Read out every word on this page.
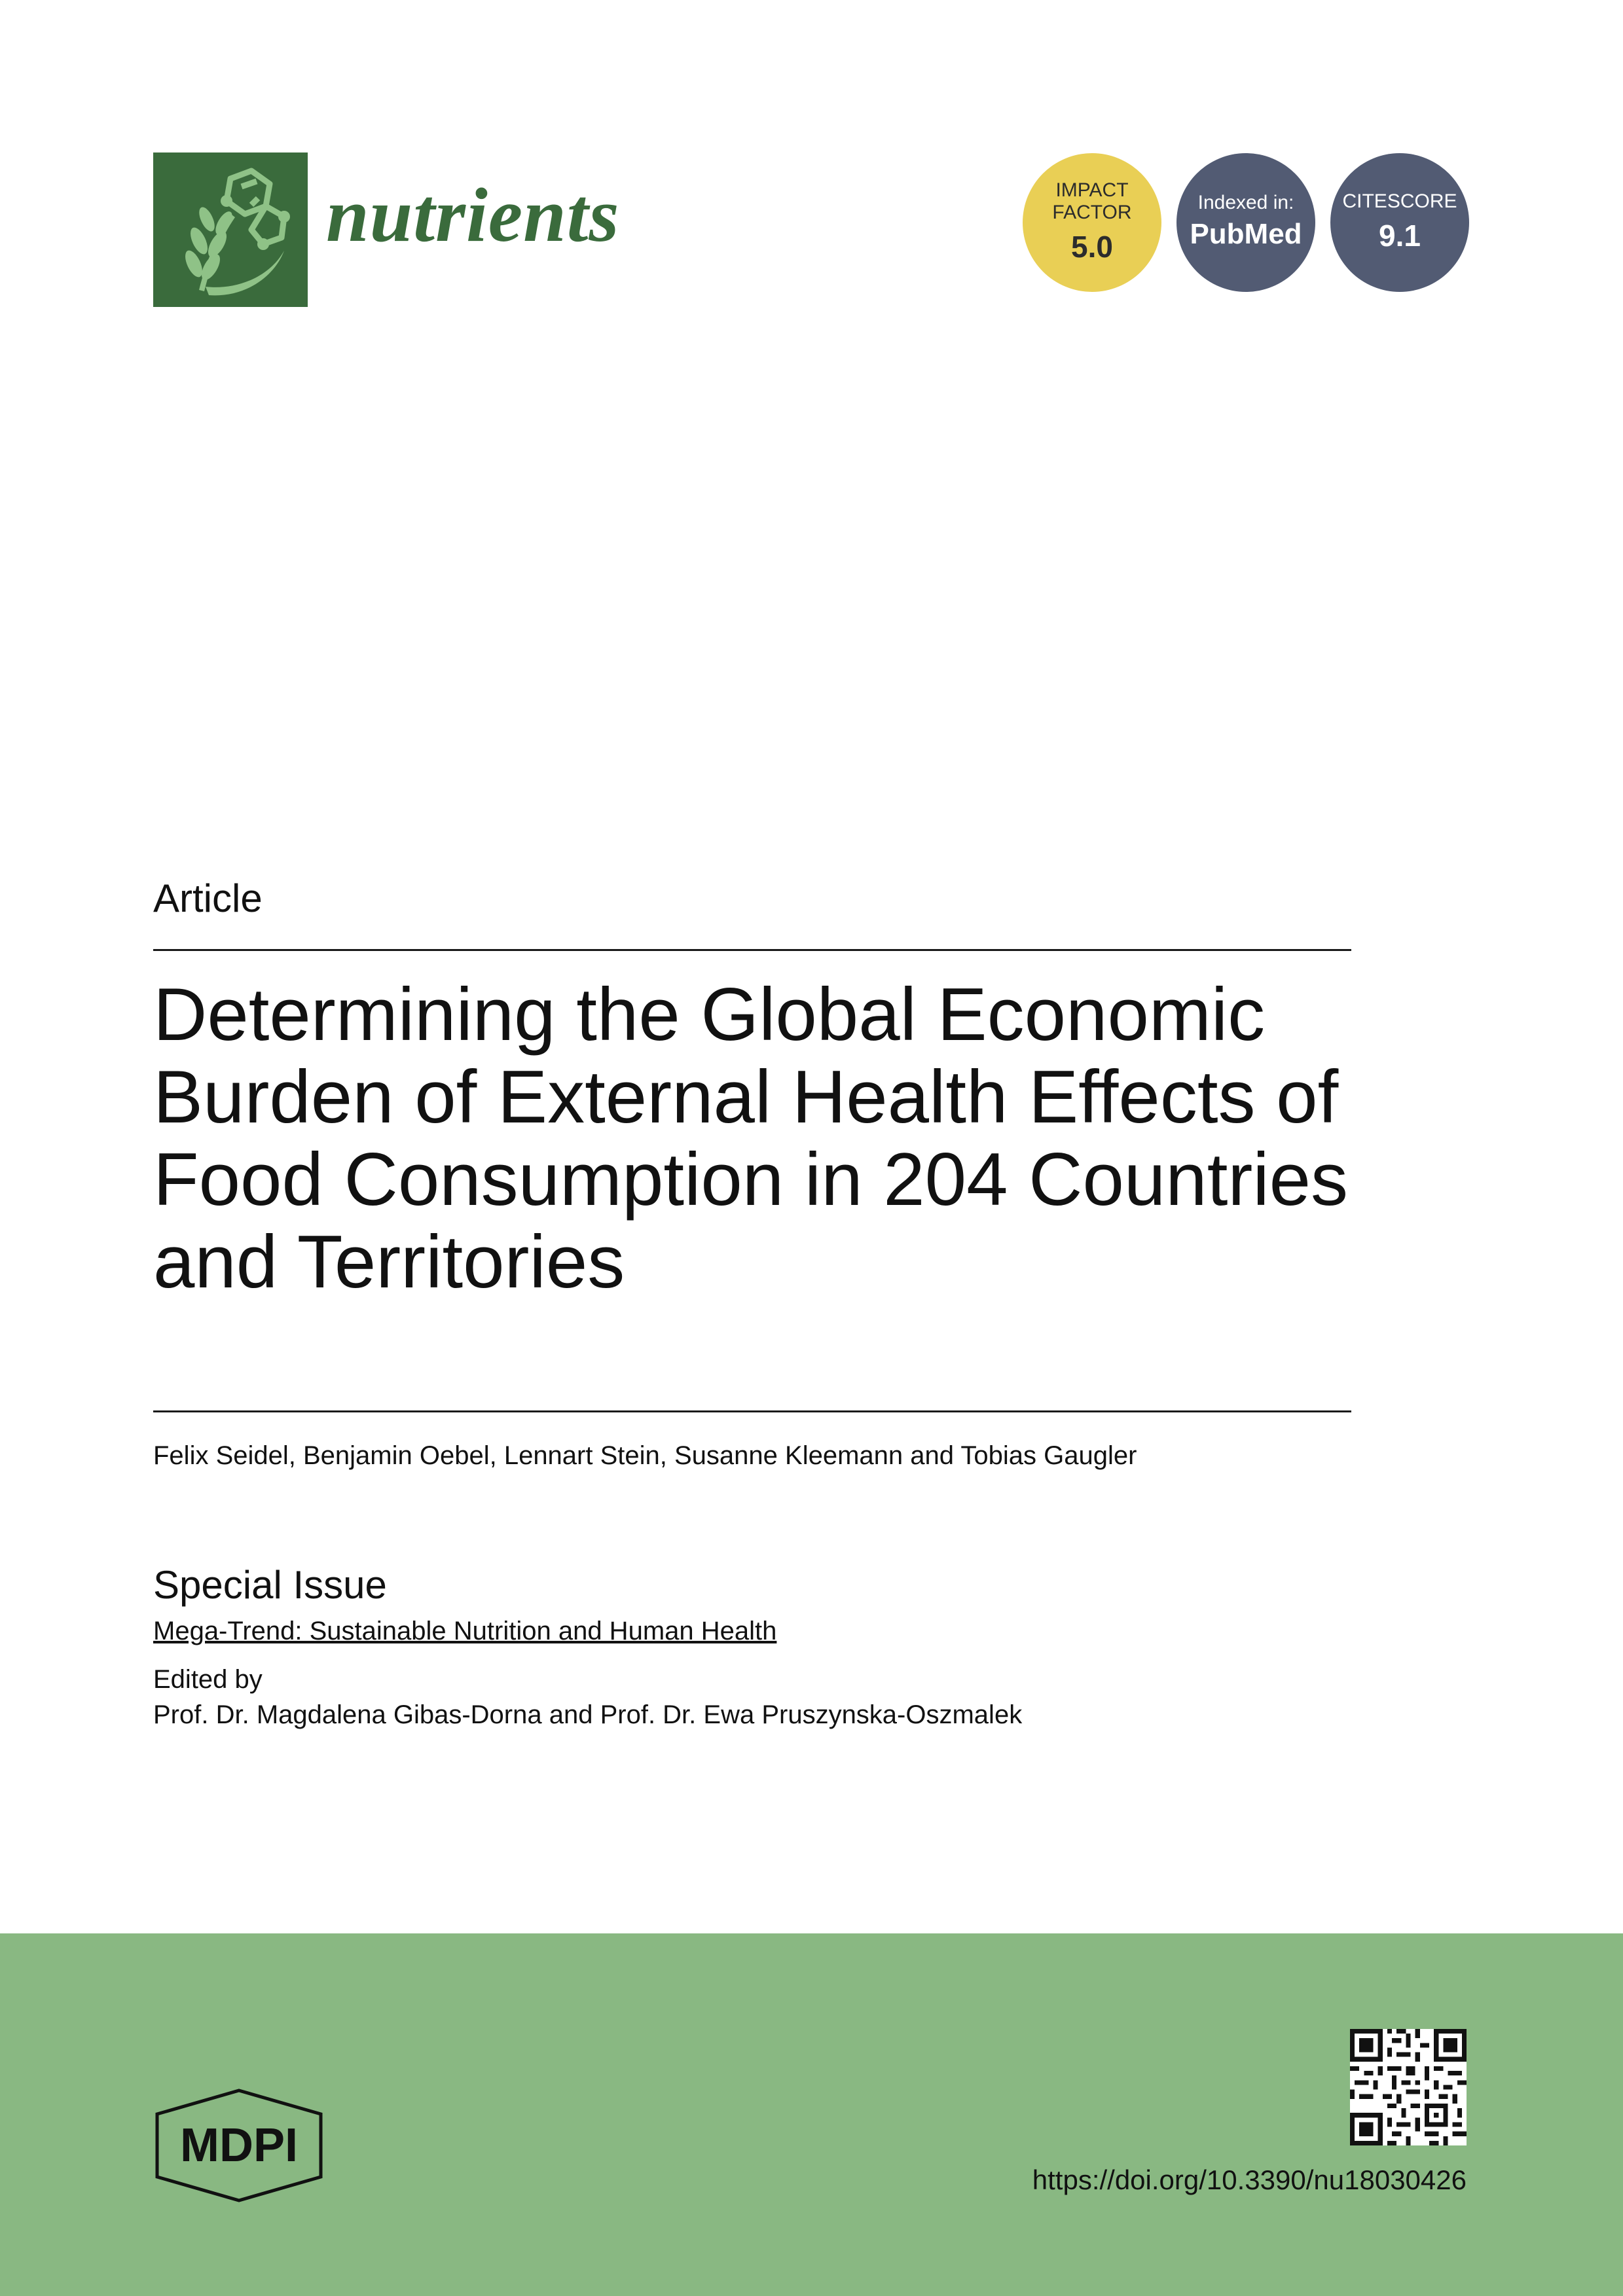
nutrients	IMPACT
FACTOR
5.0
Indexed in:
PubMed
CITESCORE
9.1
Article
Determining the Global Economic Burden of External Health Effects of Food Consumption in 204 Countries and Territories
Felix Seidel, Benjamin Oebel, Lennart Stein, Susanne Kleemann and Tobias Gaugler
Special Issue
Mega-Trend: Sustainable Nutrition and Human Health
Edited by
Prof. Dr. Magdalena Gibas-Dorna and Prof. Dr. Ewa Pruszynska-Oszmalek
MDPI
https://doi.org/10.3390/nu18030426
